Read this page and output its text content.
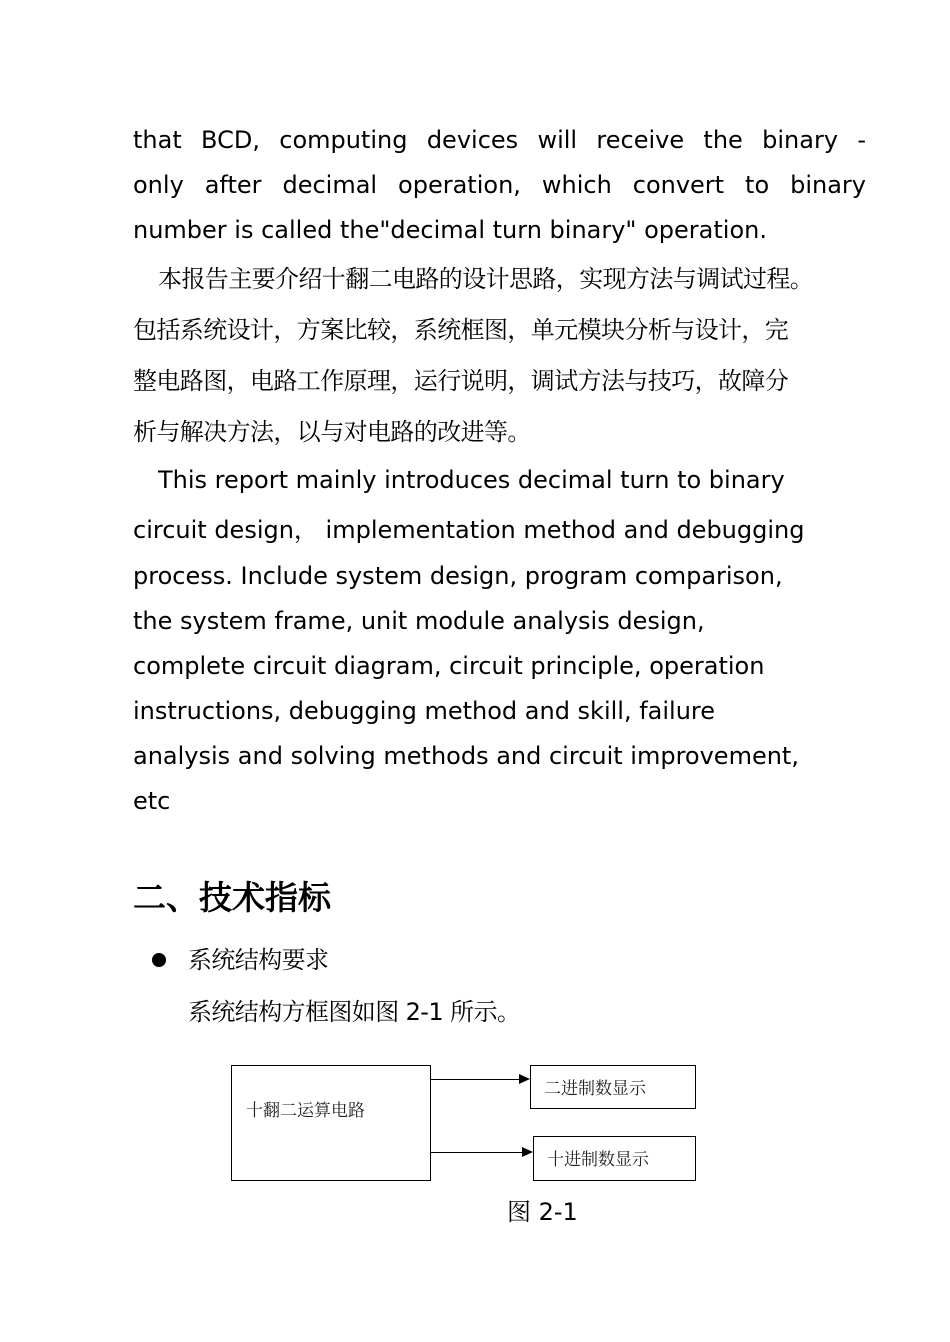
that BCD, computing devices will receive the binary -
only after decimal operation, which convert to binary
number is called the"decimal turn binary" operation.
本报告主要介绍十翻二电路的设计思路，实现方法与调试过程。
包括系统设计，方案比较，系统框图，单元模块分析与设计，完
整电路图，电路工作原理，运行说明，调试方法与技巧，故障分
析与解决方法，以与对电路的改进等。
This report mainly introduces decimal turn to binary
circuit design， implementation method and debugging
process. Include system design, program comparison,
the system frame, unit module analysis design,
complete circuit diagram, circuit principle, operation
instructions, debugging method and skill, failure
analysis and solving methods and circuit improvement,
etc
二、技术指标
系统结构要求
系统结构方框图如图 2-1 所示。
十翻二运算电路
二进制数显示
十进制数显示
图 2-1
